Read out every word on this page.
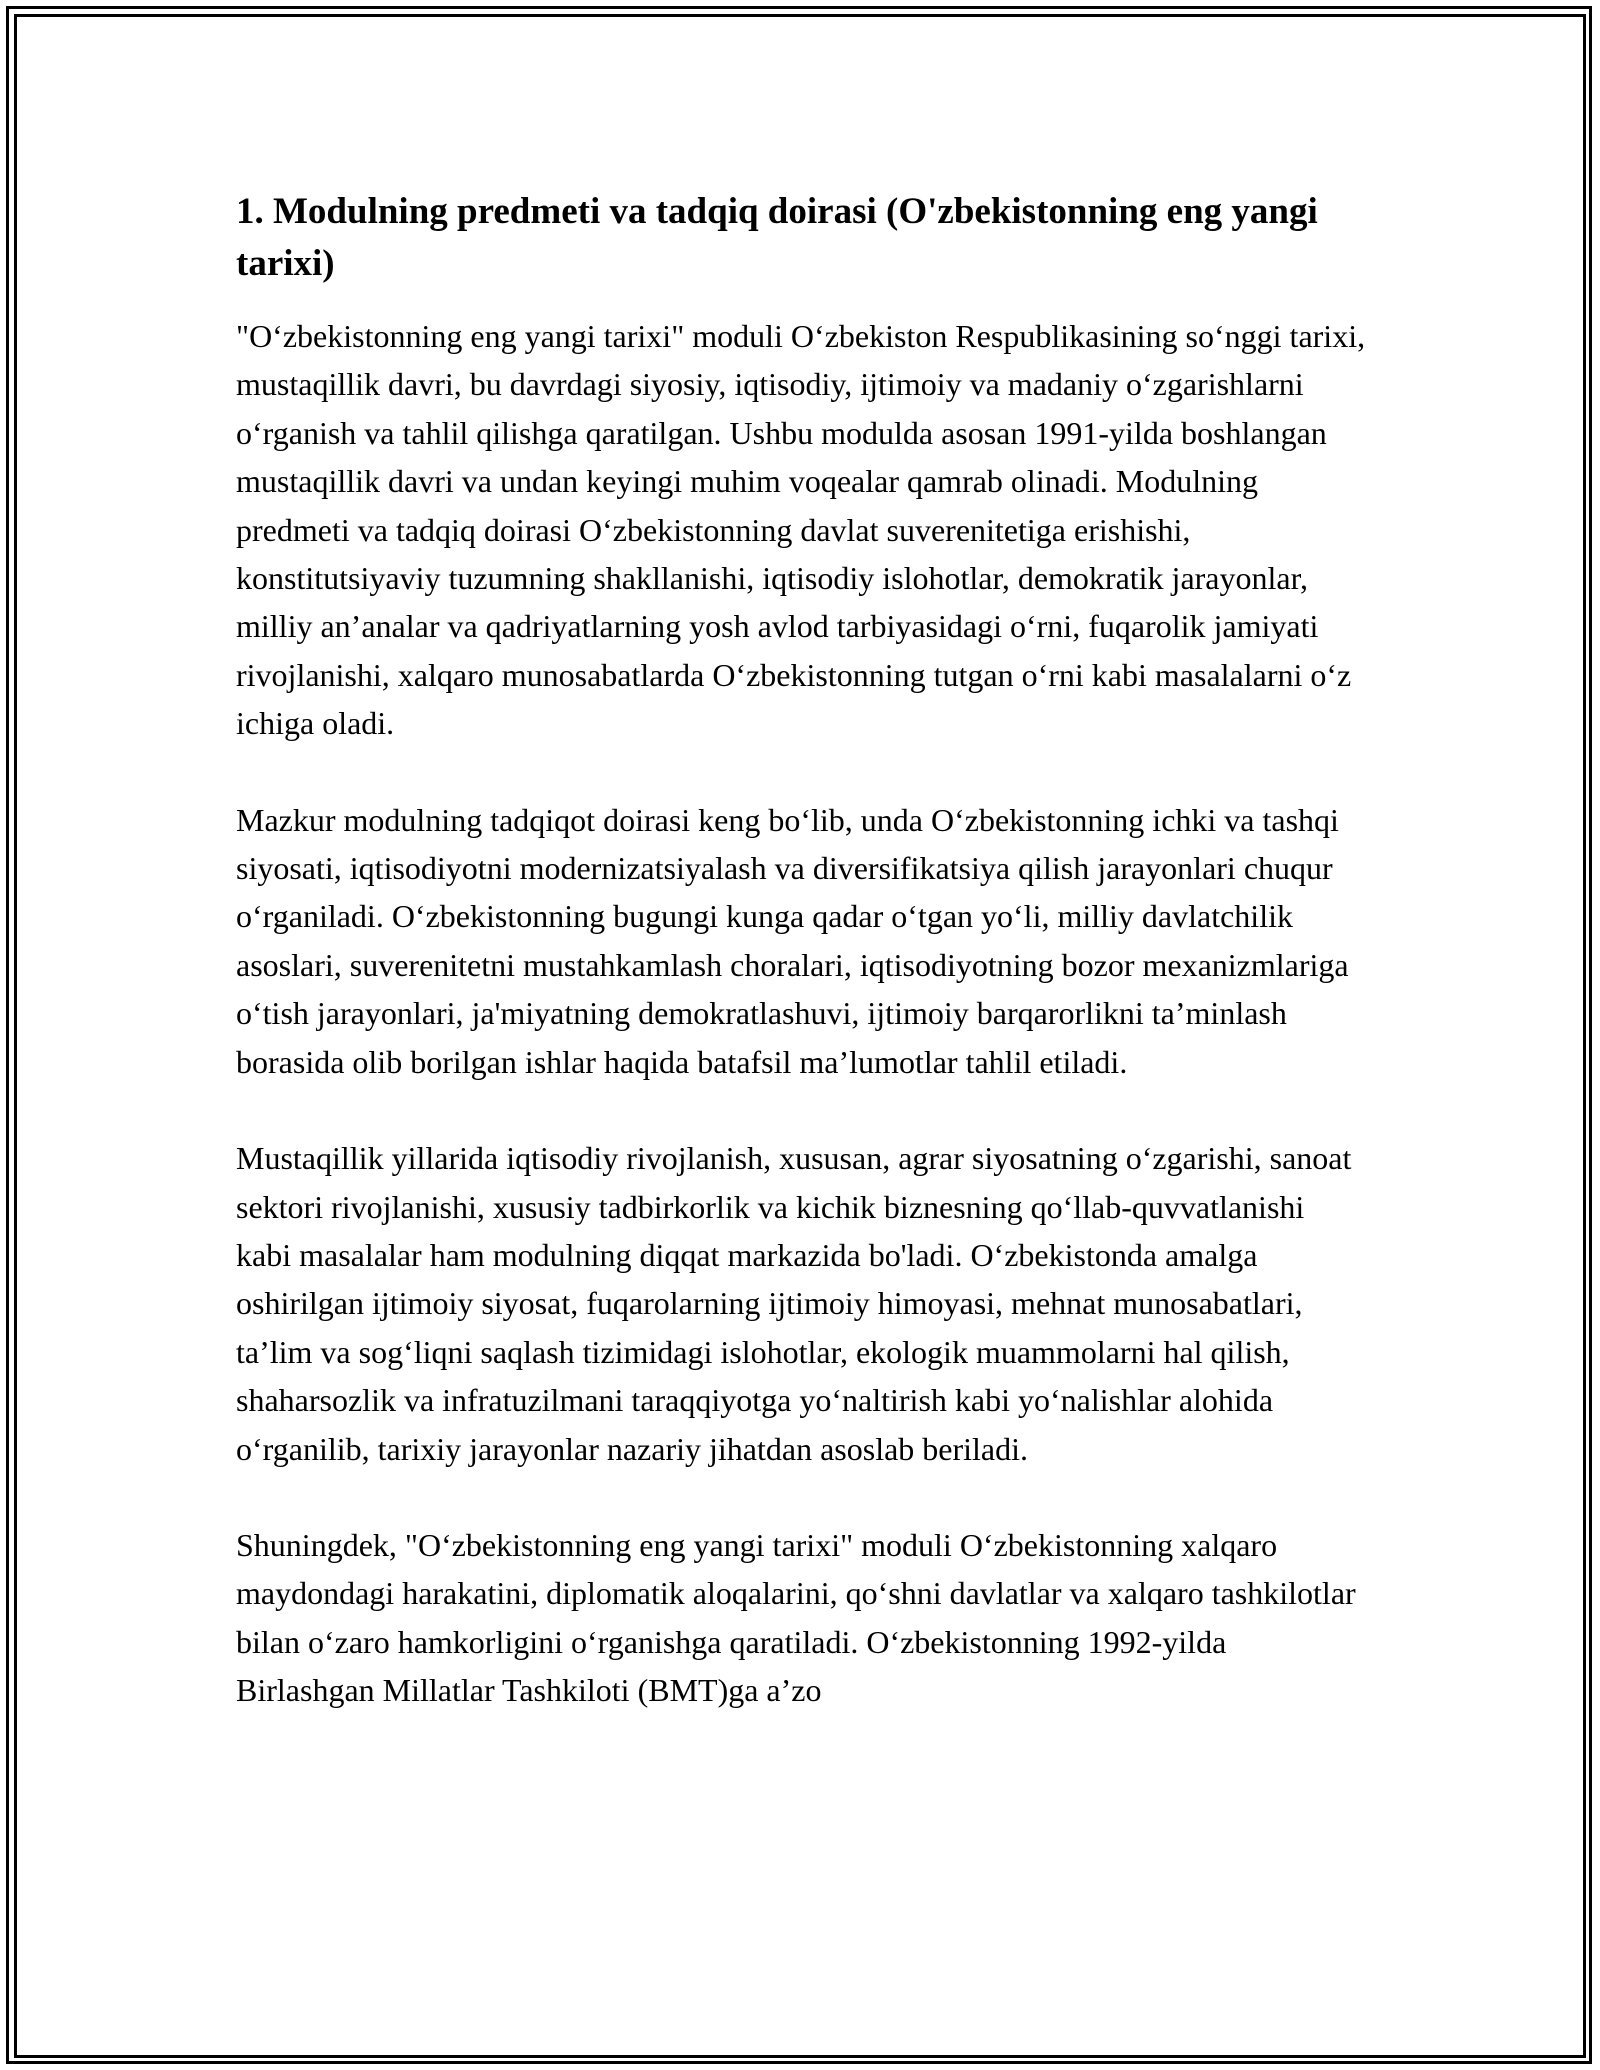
1. Modulning predmeti va tadqiq doirasi (O'zbekistonning eng yangi tarixi)

"O‘zbekistonning eng yangi tarixi" moduli O‘zbekiston Respublikasining so‘nggi tarixi, mustaqillik davri, bu davrdagi siyosiy, iqtisodiy, ijtimoiy va madaniy o‘zgarishlarni o‘rganish va tahlil qilishga qaratilgan. Ushbu modulda asosan 1991-yilda boshlangan mustaqillik davri va undan keyingi muhim voqealar qamrab olinadi. Modulning predmeti va tadqiq doirasi O‘zbekistonning davlat suverenitetiga erishishi, konstitutsiyaviy tuzumning shakllanishi, iqtisodiy islohotlar, demokratik jarayonlar, milliy an’analar va qadriyatlarning yosh avlod tarbiyasidagi o‘rni, fuqarolik jamiyati rivojlanishi, xalqaro munosabatlarda O‘zbekistonning tutgan o‘rni kabi masalalarni o‘z ichiga oladi.

Mazkur modulning tadqiqot doirasi keng bo‘lib, unda O‘zbekistonning ichki va tashqi siyosati, iqtisodiyotni modernizatsiyalash va diversifikatsiya qilish jarayonlari chuqur o‘rganiladi. O‘zbekistonning bugungi kunga qadar o‘tgan yo‘li, milliy davlatchilik asoslari, suverenitetni mustahkamlash choralari, iqtisodiyotning bozor mexanizmlariga o‘tish jarayonlari, ja'miyatning demokratlashuvi, ijtimoiy barqarorlikni ta’minlash borasida olib borilgan ishlar haqida batafsil ma’lumotlar tahlil etiladi.

Mustaqillik yillarida iqtisodiy rivojlanish, xususan, agrar siyosatning o‘zgarishi, sanoat sektori rivojlanishi, xususiy tadbirkorlik va kichik biznesning qo‘llab-quvvatlanishi kabi masalalar ham modulning diqqat markazida bo'ladi. O‘zbekistonda amalga oshirilgan ijtimoiy siyosat, fuqarolarning ijtimoiy himoyasi, mehnat munosabatlari, ta’lim va sog‘liqni saqlash tizimidagi islohotlar, ekologik muammolarni hal qilish, shaharsozlik va infratuzilmani taraqqiyotga yo‘naltirish kabi yo‘nalishlar alohida o‘rganilib, tarixiy jarayonlar nazariy jihatdan asoslab beriladi.

Shuningdek, "O‘zbekistonning eng yangi tarixi" moduli O‘zbekistonning xalqaro maydondagi harakatini, diplomatik aloqalarini, qo‘shni davlatlar va xalqaro tashkilotlar bilan o‘zaro hamkorligini o‘rganishga qaratiladi. O‘zbekistonning 1992-yilda Birlashgan Millatlar Tashkiloti (BMT)ga a’zo
